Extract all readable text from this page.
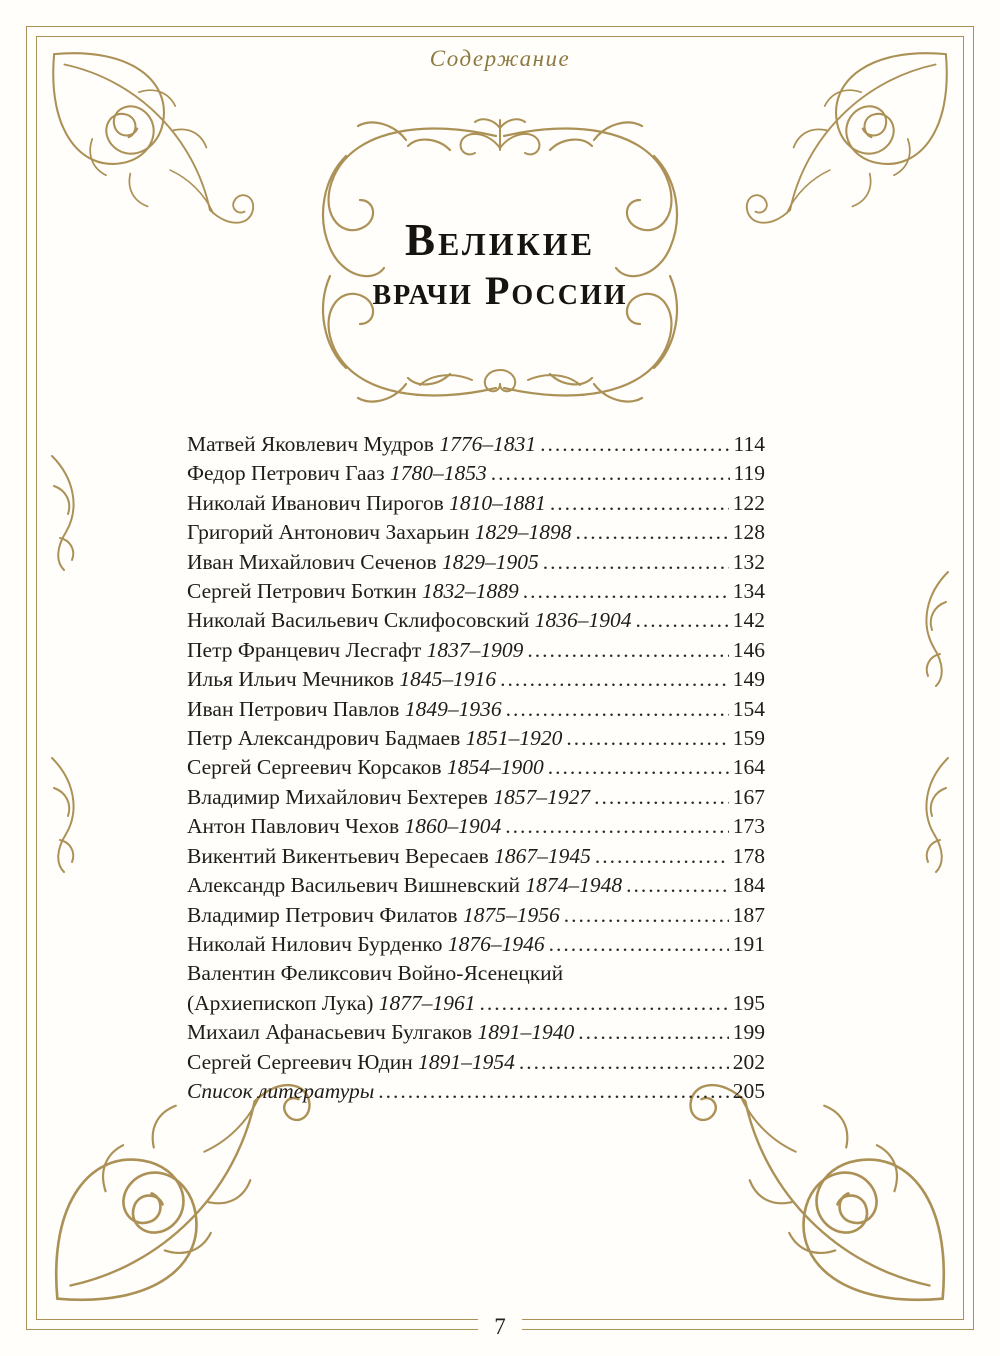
Содержание
Великие
врачи России
Матвей Яковлевич Мудров 1776–1831 .....	114
Федор Петрович Гааз 1780–1853 .....	119
Николай Иванович Пирогов 1810–1881 .....	122
Григорий Антонович Захарьин 1829–1898 .....	128
Иван Михайлович Сеченов 1829–1905 .....	132
Сергей Петрович Боткин 1832–1889 .....	134
Николай Васильевич Склифосовский 1836–1904 .....	142
Петр Францевич Лесгафт 1837–1909 .....	146
Илья Ильич Мечников 1845–1916 .....	149
Иван Петрович Павлов 1849–1936 .....	154
Петр Александрович Бадмаев 1851–1920 .....	159
Сергей Сергеевич Корсаков 1854–1900 .....	164
Владимир Михайлович Бехтерев 1857–1927 .....	167
Антон Павлович Чехов 1860–1904 .....	173
Викентий Викентьевич Вересаев 1867–1945 .....	178
Александр Васильевич Вишневский 1874–1948 .....	184
Владимир Петрович Филатов 1875–1956 .....	187
Николай Нилович Бурденко 1876–1946 .....	191
Валентин Феликсович Войно-Ясенецкий
(Архиепископ Лука) 1877–1961 .....	195
Михаил Афанасьевич Булгаков 1891–1940 .....	199
Сергей Сергеевич Юдин 1891–1954 .....	202
Список литературы .....	205
7
